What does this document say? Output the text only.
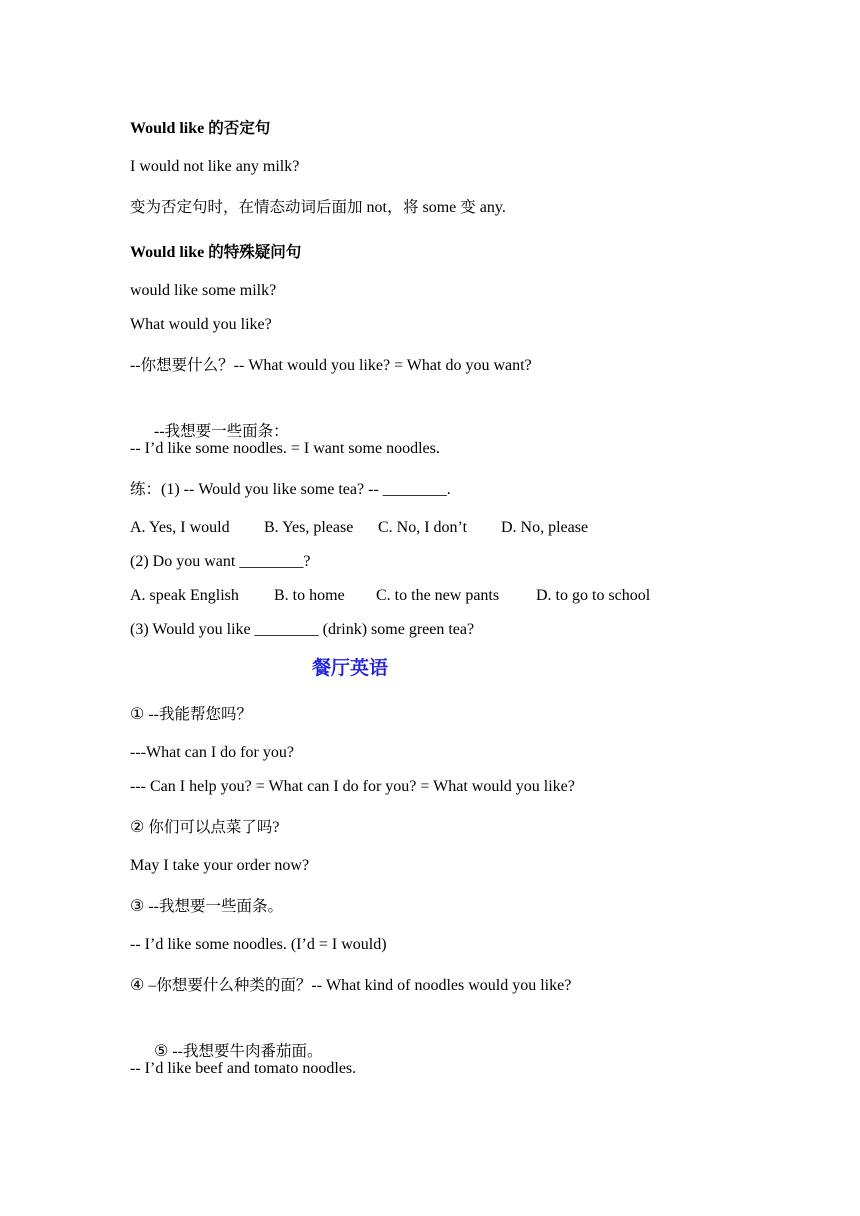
Would like 的否定句
I would not like any milk?
变为否定句时，在情态动词后面加 not，将 some 变 any.
Would like 的特殊疑问句
would like some milk?
What would you like?
--你想要什么？-- What would you like? = What do you want?

--我想要一些面条：

-- I’d like some noodles. = I want some noodles.
练：(1) -- Would you like some tea? -- ________.
A. Yes, I would B. Yes, please C. No, I don’t D. No, please
(2) Do you want ________?
A. speak English B. to home C. to the new pants D. to go to school
(3) Would you like ________ (drink) some green tea?
餐厅英语
① --我能帮您吗？
---What can I do for you?
--- Can I help you? = What can I do for you? = What would you like?
② 你们可以点菜了吗?
May I take your order now?
③ --我想要一些面条。
-- I’d like some noodles. (I’d = I would)
④ –你想要什么种类的面？-- What kind of noodles would you like?

⑤ --我想要牛肉番茄面。

-- I’d like beef and tomato noodles.
